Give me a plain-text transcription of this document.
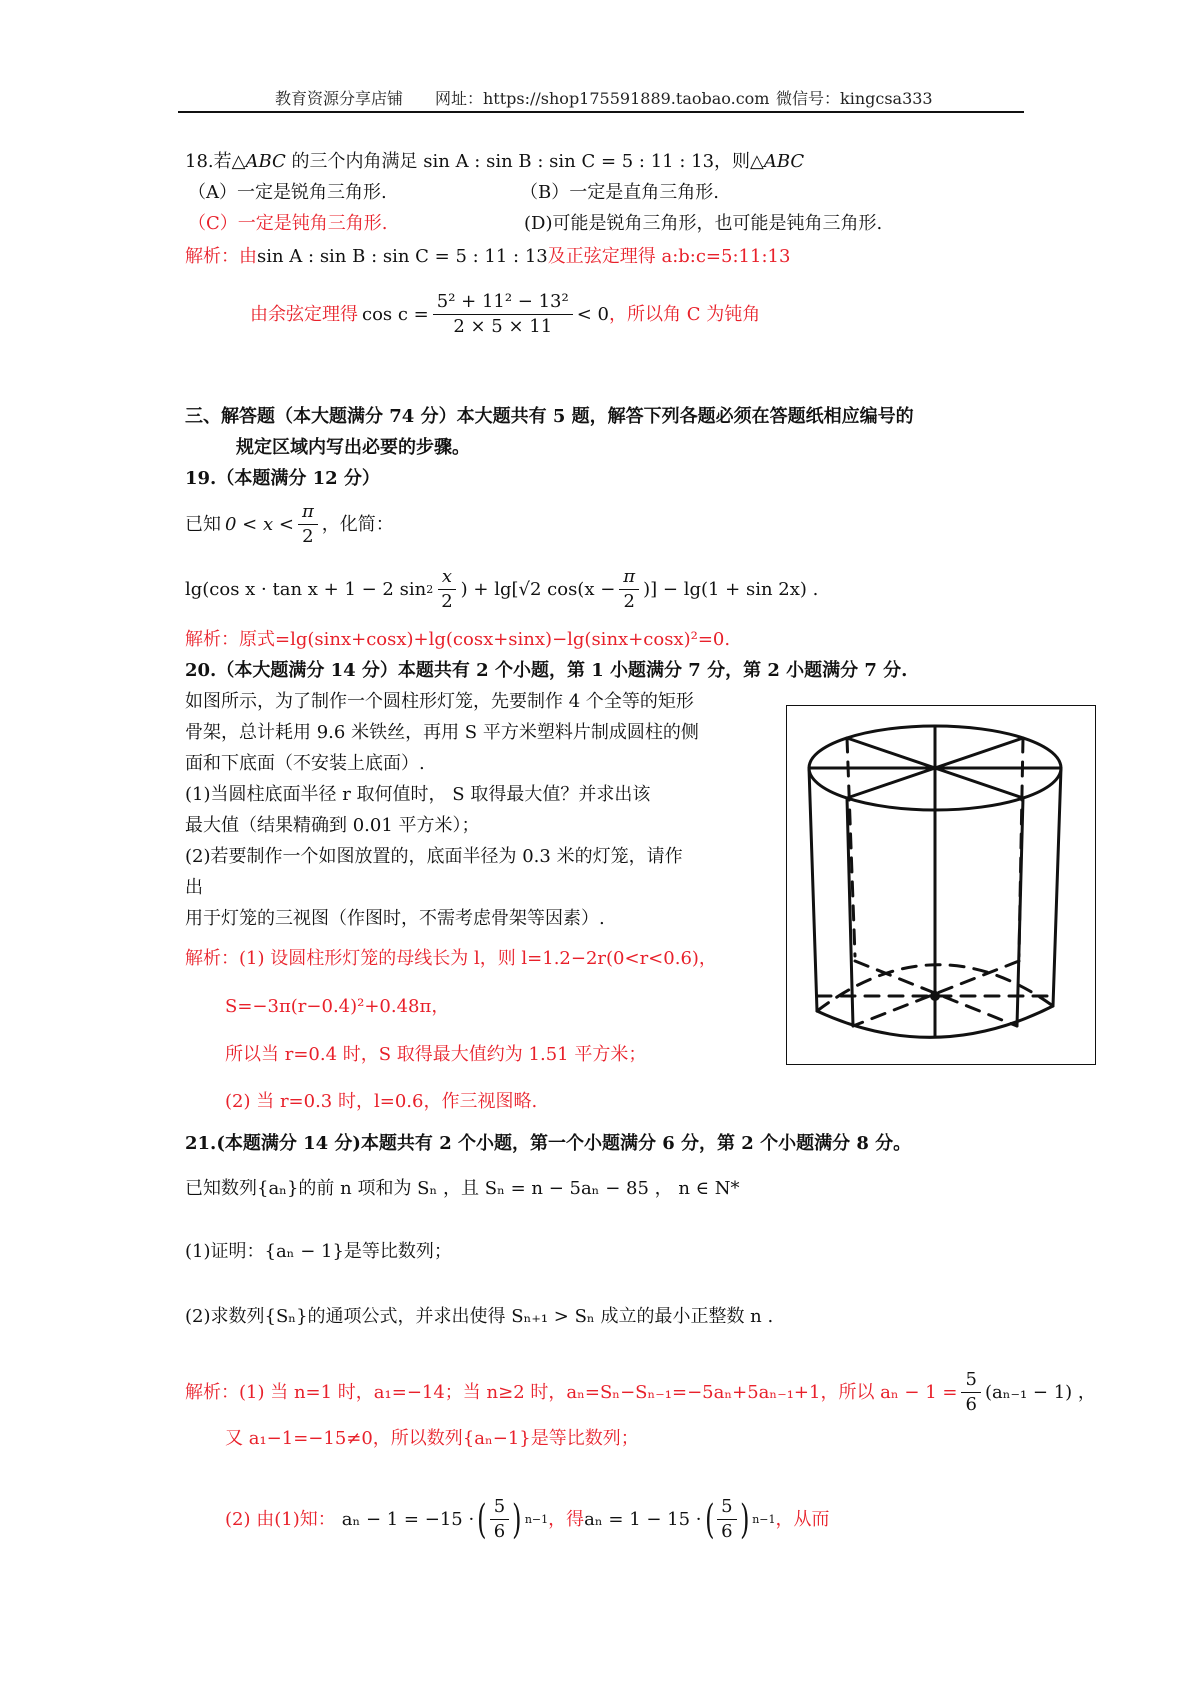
教育资源分享店铺 网址：https://shop175591889.taobao.com 微信号：kingcsa333
18.若△ABC 的三个内角满足 sin A : sin B : sin C = 5 : 11 : 13，则△ABC
（A）一定是锐角三角形.	（B）一定是直角三角形.
（C）一定是钝角三角形.	(D)可能是锐角三角形，也可能是钝角三角形.
解析：由sin A : sin B : sin C = 5 : 11 : 13及正弦定理得 a:b:c=5:11:13
由余弦定理得 $\cos c = \frac{\text{5² + 11² − 13²}}{2 \times 5 \times 11} < 0$ ，所以角 C 为钝角
三、解答题（本大题满分 74 分）本大题共有 5 题，解答下列各题必须在答题纸相应编号的
规定区域内写出必要的步骤。
19.（本题满分 12 分）
已知 $0 < x < \frac{\pi}{2}$ ，化简：
lg(cos x · tan x + 1 − 2 $\sin 2 \frac{x}{2}$ ) + lg[√2 $\cos(x - \frac{\pi}{2}$ )] − lg(1 + sin 2x) .
解析：原式=lg(sinx+cosx)+lg(cosx+sinx)−lg(sinx+cosx)²=0.
20.（本大题满分 14 分）本题共有 2 个小题，第 1 小题满分 7 分，第 2 小题满分 7 分.
如图所示，为了制作一个圆柱形灯笼，先要制作 4 个全等的矩形
骨架，总计耗用 9.6 米铁丝，再用 S 平方米塑料片制成圆柱的侧
面和下底面（不安装上底面）.
(1)当圆柱底面半径 r 取何值时， S 取得最大值？并求出该
最大值（结果精确到 0.01 平方米）；
(2)若要制作一个如图放置的，底面半径为 0.3 米的灯笼，请作
出
用于灯笼的三视图（作图时，不需考虑骨架等因素）.
解析：(1) 设圆柱形灯笼的母线长为 l，则 l=1.2−2r(0<r<0.6)，
S=−3π(r−0.4)²+0.48π，
所以当 r=0.4 时，S 取得最大值约为 1.51 平方米；
(2) 当 r=0.3 时，l=0.6，作三视图略.
21.(本题满分 14 分)本题共有 2 个小题，第一个小题满分 6 分，第 2 个小题满分 8 分。
已知数列{aₙ}的前 n 项和为 Sₙ ，且 Sₙ = n − 5aₙ − 85 ， n ∈ N*
(1)证明：{aₙ − 1}是等比数列；
(2)求数列{Sₙ}的通项公式，并求出使得 Sₙ₊₁ > Sₙ 成立的最小正整数 n .
解析：(1) 当 n=1 时，a₁=−14；当 n≥2 时，aₙ=Sₙ−Sₙ₋₁=−5aₙ+5aₙ₋₁+1，所以 $a_n - 1 = \frac{5}{6} (a_{n-1} - 1)$ ，
又 a₁−1=−15≠0，所以数列{aₙ−1}是等比数列；
(2) 由(1)知： aₙ − 1 = −15 · ( $\frac{5}{6}$ ) n−1 ，得 aₙ = 1 − 15 · ( $\frac{5}{6}$ ) n−1 ，从而
